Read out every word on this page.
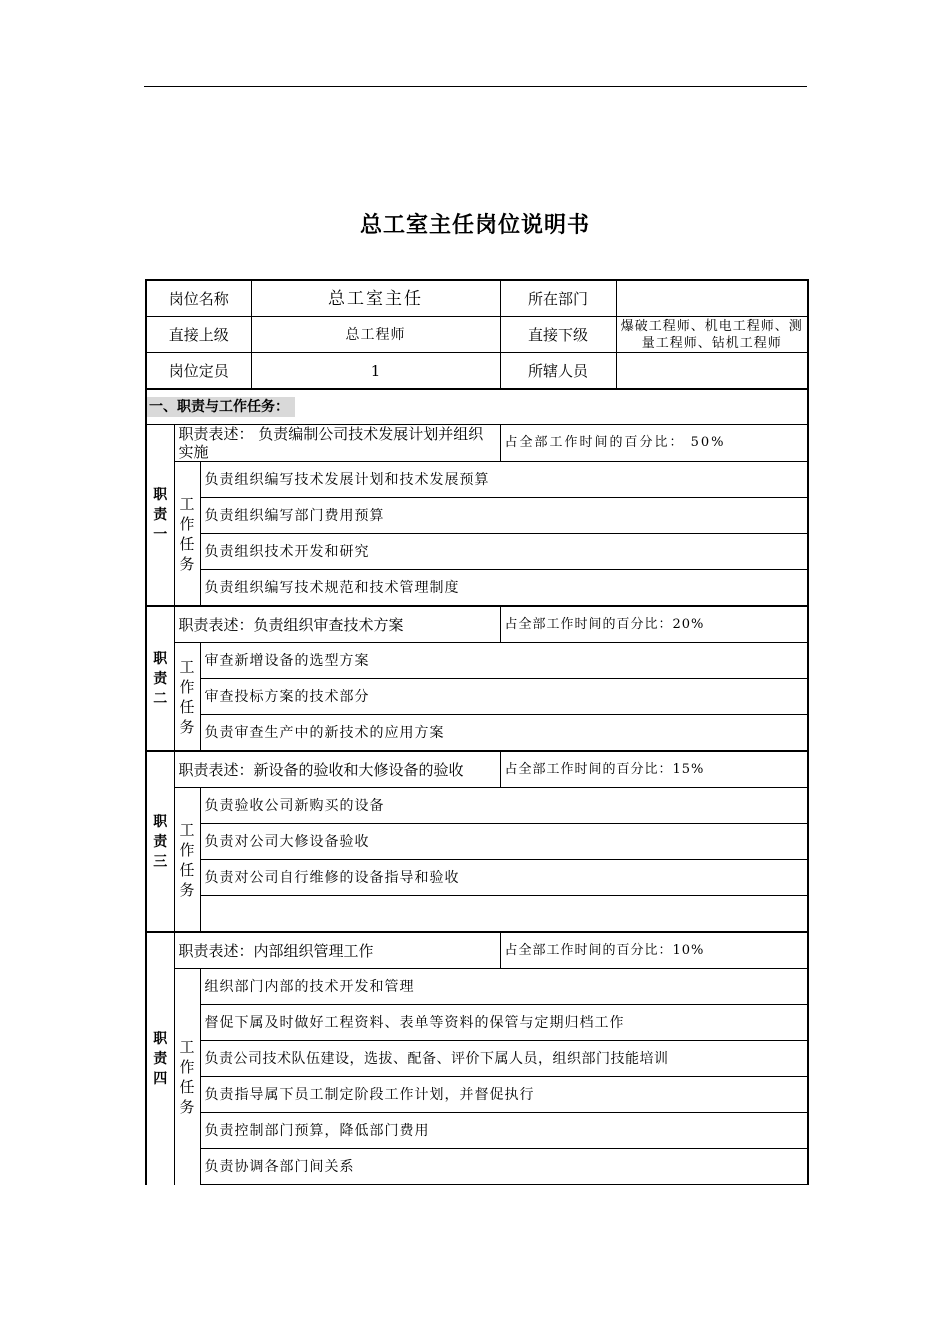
总工室主任岗位说明书
岗位名称			总工室主任	所在部门	
直接上级			总工程师	直接下级	爆破工程师、机电工程师、测量工程师、钻机工程师
岗位定员			1	所辖人员	
一、职责与工作任务：					
职责一	职责表述： 负责编制公司技术发展计划并组织实施			占全部工作时间的百分比： 50%	
	工作任务	负责组织编写技术发展计划和技术发展预算			
		负责组织编写部门费用预算			
		负责组织技术开发和研究			
		负责组织编写技术规范和技术管理制度			
职责二	职责表述：负责组织审查技术方案			占全部工作时间的百分比：20%	
	工作任务	审查新增设备的选型方案			
		审查投标方案的技术部分			
		负责审查生产中的新技术的应用方案			
职责三	职责表述：新设备的验收和大修设备的验收			占全部工作时间的百分比：15%	
	工作任务	负责验收公司新购买的设备			
		负责对公司大修设备验收			
		负责对公司自行维修的设备指导和验收			

职责四	职责表述：内部组织管理工作			占全部工作时间的百分比：10%	
	工作任务	组织部门内部的技术开发和管理			
		督促下属及时做好工程资料、表单等资料的保管与定期归档工作			
		负责公司技术队伍建设，选拔、配备、评价下属人员，组织部门技能培训			
		负责指导属下员工制定阶段工作计划，并督促执行			
		负责控制部门预算，降低部门费用			
		负责协调各部门间关系			
